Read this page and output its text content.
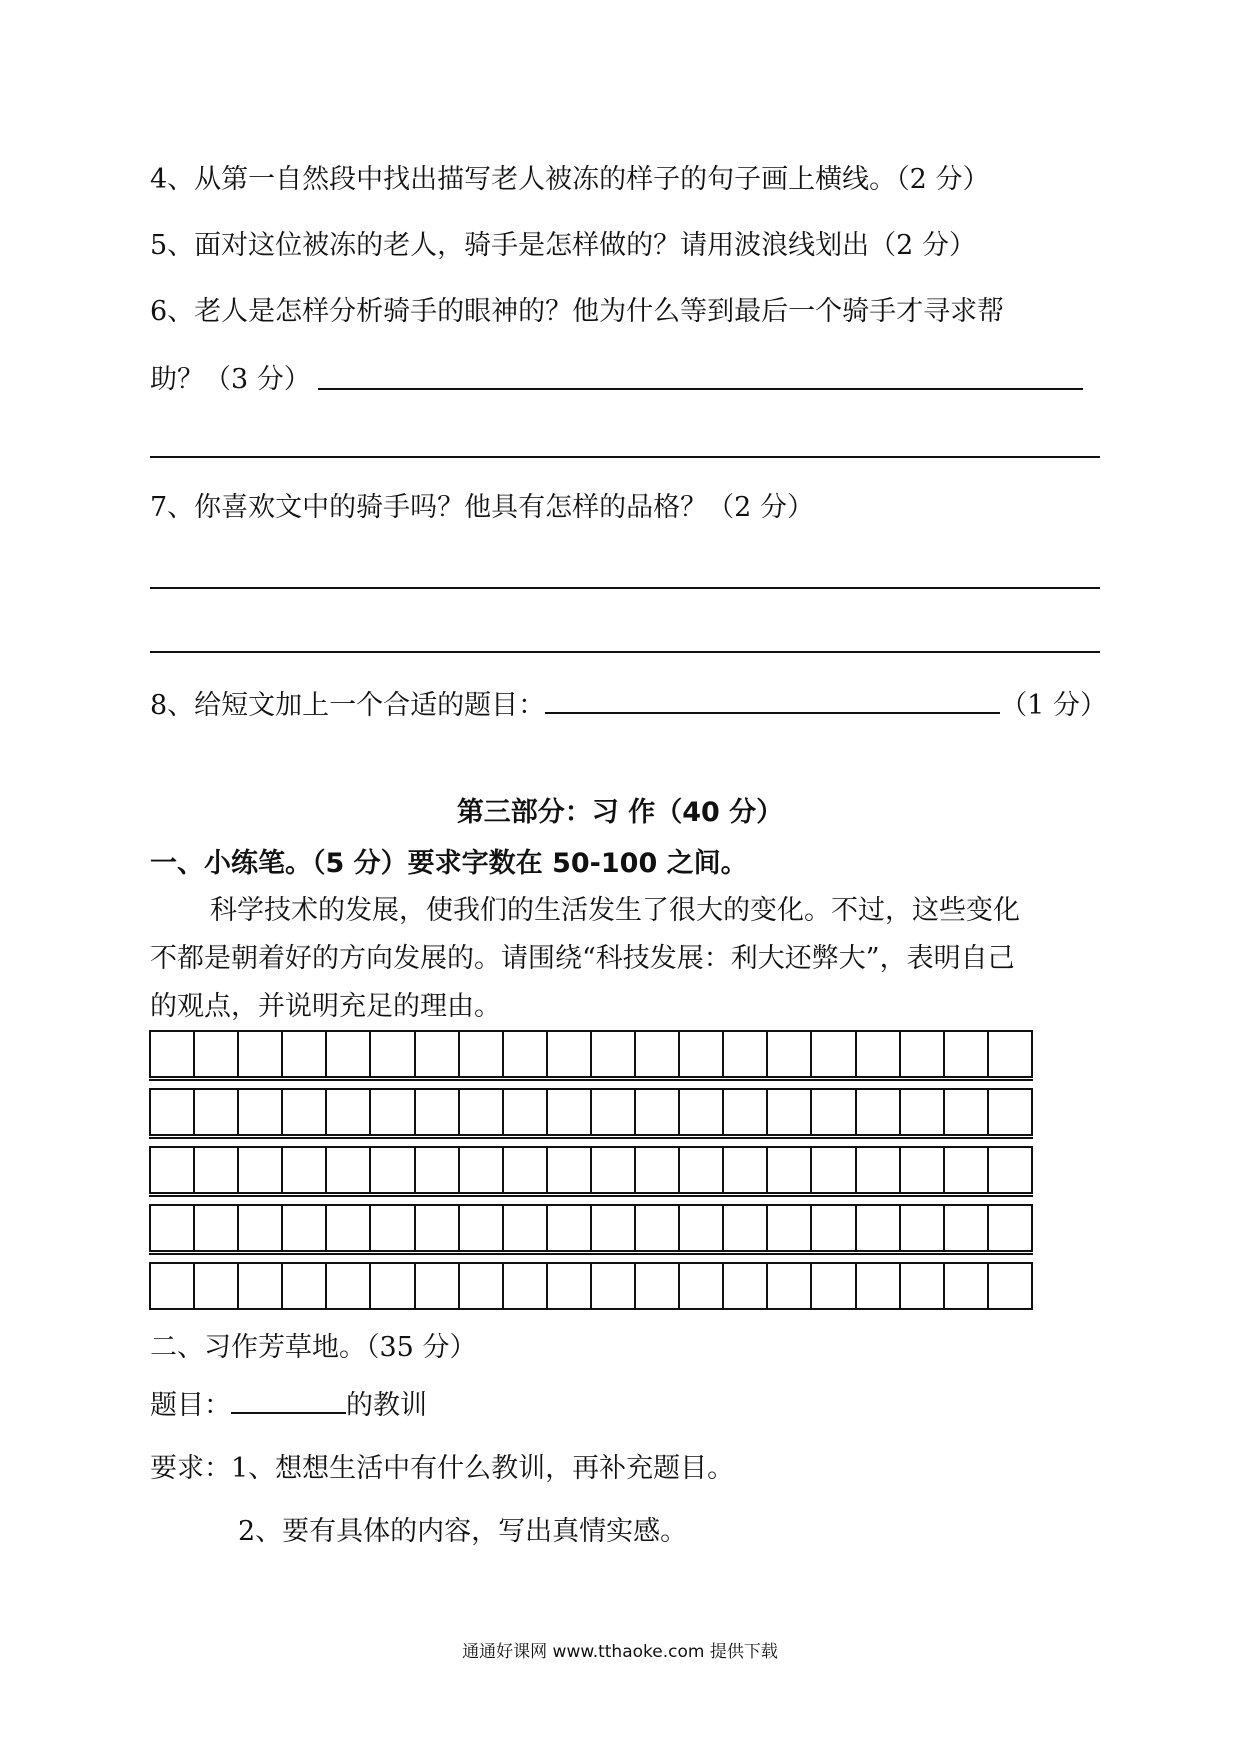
4、从第一自然段中找出描写老人被冻的样子的句子画上横线。（2 分）
5、面对这位被冻的老人，骑手是怎样做的？请用波浪线划出（2 分）
6、老人是怎样分析骑手的眼神的？他为什么等到最后一个骑手才寻求帮
助？（3 分）
7、你喜欢文中的骑手吗？他具有怎样的品格？（2 分）
8、给短文加上一个合适的题目：	（1 分）
第三部分：习 作（40 分）
一、小练笔。（5 分）要求字数在 50-100 之间。
科学技术的发展，使我们的生活发生了很大的变化。不过，这些变化
不都是朝着好的方向发展的。请围绕“科技发展：利大还弊大”，表明自己
的观点，并说明充足的理由。
二、习作芳草地。（35 分）
题目：	的教训
要求：1、想想生活中有什么教训，再补充题目。
2、要有具体的内容，写出真情实感。
通通好课网 www.tthaoke.com 提供下载
